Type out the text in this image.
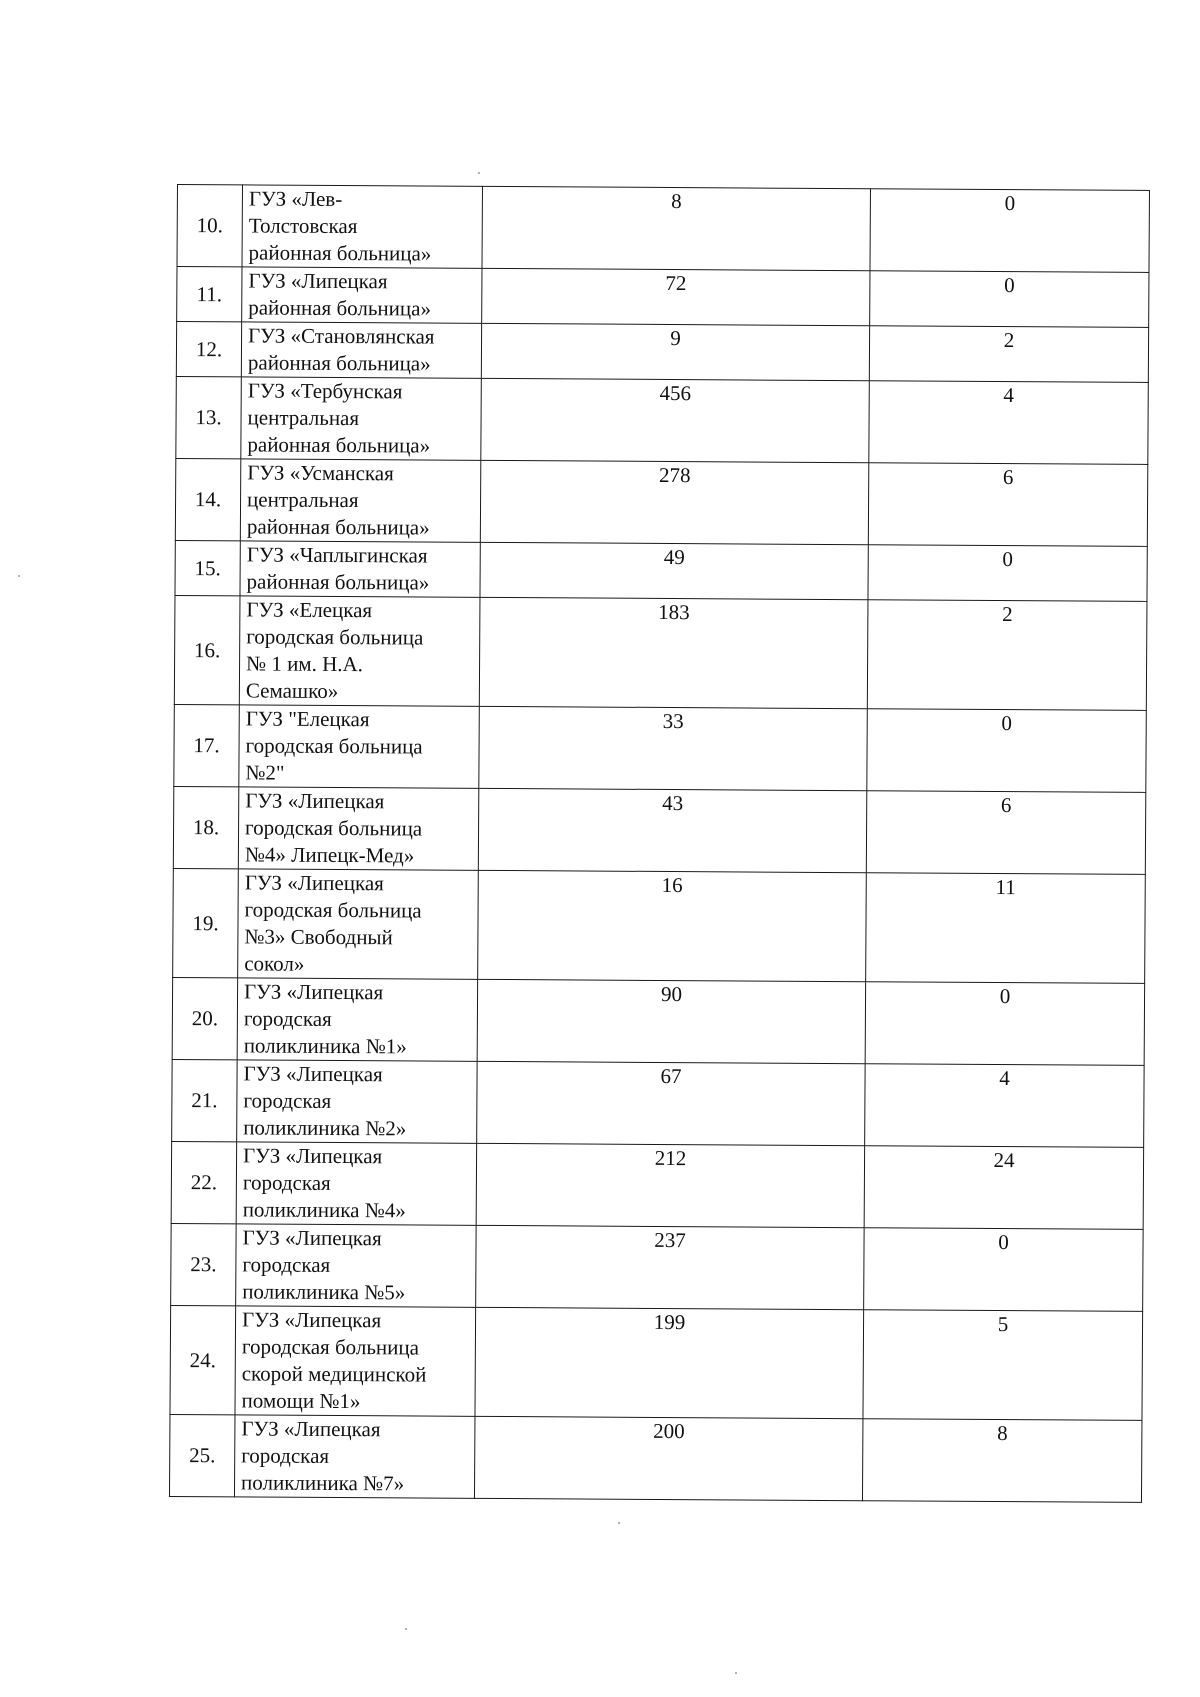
10.	ГУЗ «Лев-
Толстовская
районная больница»	8	0
11.	ГУЗ «Липецкая
районная больница»	72	0
12.	ГУЗ «Становлянская
районная больница»	9	2
13.	ГУЗ «Тербунская
центральная
районная больница»	456	4
14.	ГУЗ «Усманская
центральная
районная больница»	278	6
15.	ГУЗ «Чаплыгинская
районная больница»	49	0
16.	ГУЗ «Елецкая
городская больница
№ 1 им. Н.А.
Семашко»	183	2
17.	ГУЗ "Елецкая
городская больница
№2"	33	0
18.	ГУЗ «Липецкая
городская больница
№4» Липецк-Мед»	43	6
19.	ГУЗ «Липецкая
городская больница
№3» Свободный
сокол»	16	11
20.	ГУЗ «Липецкая
городская
поликлиника №1»	90	0
21.	ГУЗ «Липецкая
городская
поликлиника №2»	67	4
22.	ГУЗ «Липецкая
городская
поликлиника №4»	212	24
23.	ГУЗ «Липецкая
городская
поликлиника №5»	237	0
24.	ГУЗ «Липецкая
городская больница
скорой медицинской
помощи №1»	199	5
25.	ГУЗ «Липецкая
городская
поликлиника №7»	200	8
